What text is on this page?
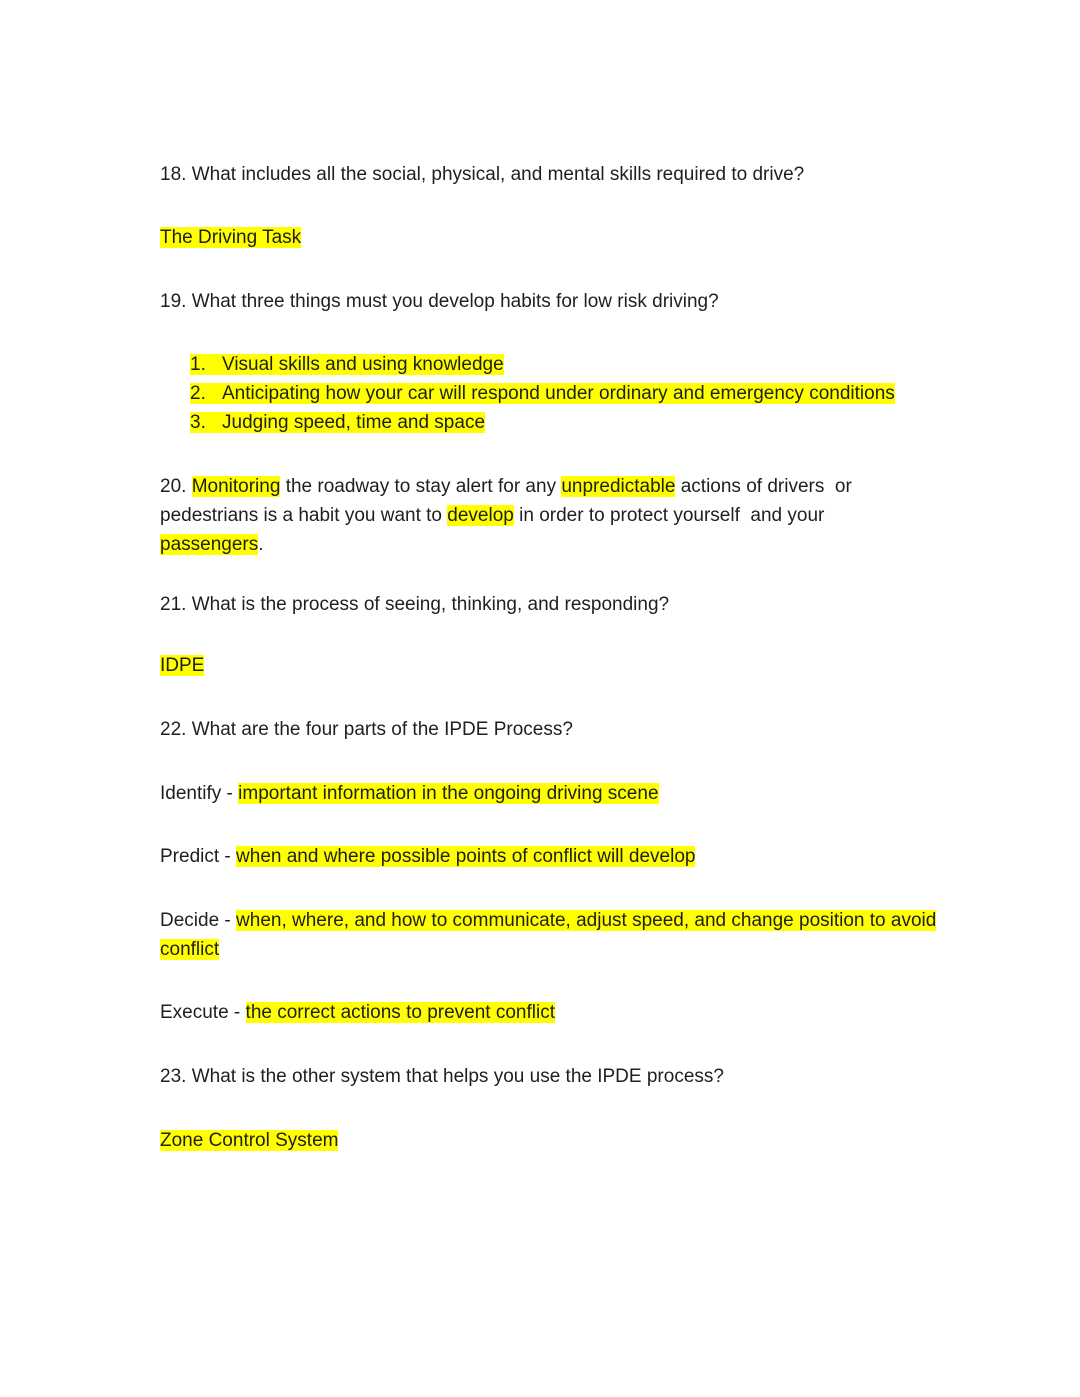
18. What includes all the social, physical, and mental skills required to drive?
The Driving Task
19. What three things must you develop habits for low risk driving?
1. Visual skills and using knowledge
2. Anticipating how your car will respond under ordinary and emergency conditions
3. Judging speed, time and space
20. Monitoring the roadway to stay alert for any unpredictable actions of drivers  or
pedestrians is a habit you want to develop in order to protect yourself  and your
passengers.
21. What is the process of seeing, thinking, and responding?
IDPE
22. What are the four parts of the IPDE Process?
Identify - important information in the ongoing driving scene
Predict - when and where possible points of conflict will develop
Decide - when, where, and how to communicate, adjust speed, and change position to avoid
conflict
Execute - the correct actions to prevent conflict
23. What is the other system that helps you use the IPDE process?
Zone Control System
